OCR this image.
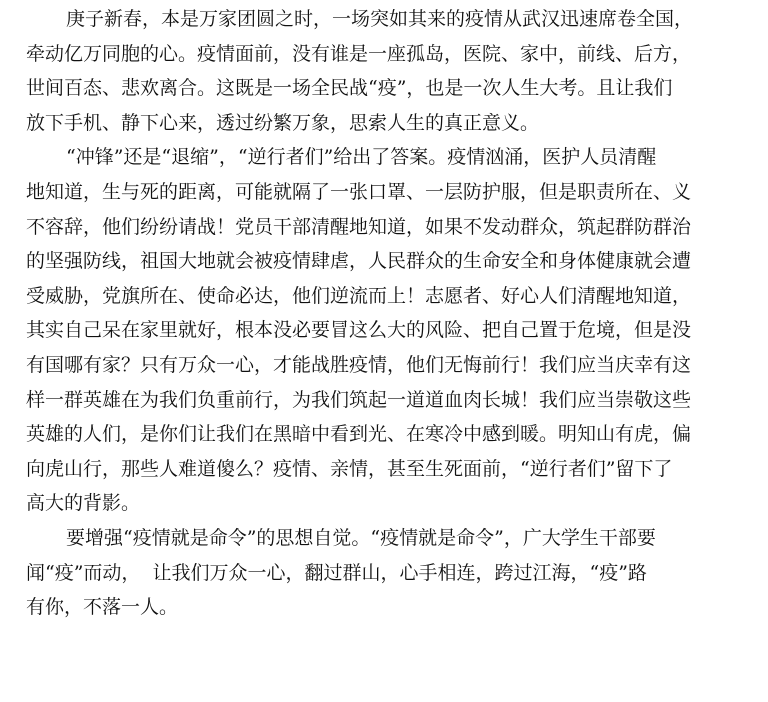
庚子新春，本是万家团圆之时，一场突如其来的疫情从武汉迅速席卷全国，
牵动亿万同胞的心。疫情面前，没有谁是一座孤岛，医院、家中，前线、后方，
世间百态、悲欢离合。这既是一场全民战“疫”，也是一次人生大考。且让我们
放下手机、静下心来，透过纷繁万象，思索人生的真正意义。
“冲锋”还是“退缩”，“逆行者们”给出了答案。疫情汹涌，医护人员清醒
地知道，生与死的距离，可能就隔了一张口罩、一层防护服，但是职责所在、义
不容辞，他们纷纷请战！党员干部清醒地知道，如果不发动群众，筑起群防群治
的坚强防线，祖国大地就会被疫情肆虐，人民群众的生命安全和身体健康就会遭
受威胁，党旗所在、使命必达，他们逆流而上！志愿者、好心人们清醒地知道，
其实自己呆在家里就好，根本没必要冒这么大的风险、把自己置于危境，但是没
有国哪有家？只有万众一心，才能战胜疫情，他们无悔前行！我们应当庆幸有这
样一群英雄在为我们负重前行，为我们筑起一道道血肉长城！我们应当崇敬这些
英雄的人们，是你们让我们在黑暗中看到光、在寒冷中感到暖。明知山有虎，偏
向虎山行，那些人难道傻么？疫情、亲情，甚至生死面前，“逆行者们”留下了
高大的背影。
要增强“疫情就是命令”的思想自觉。“疫情就是命令”，广大学生干部要
闻“疫”而动，  让我们万众一心，翻过群山，心手相连，跨过江海，“疫”路
有你，不落一人。
